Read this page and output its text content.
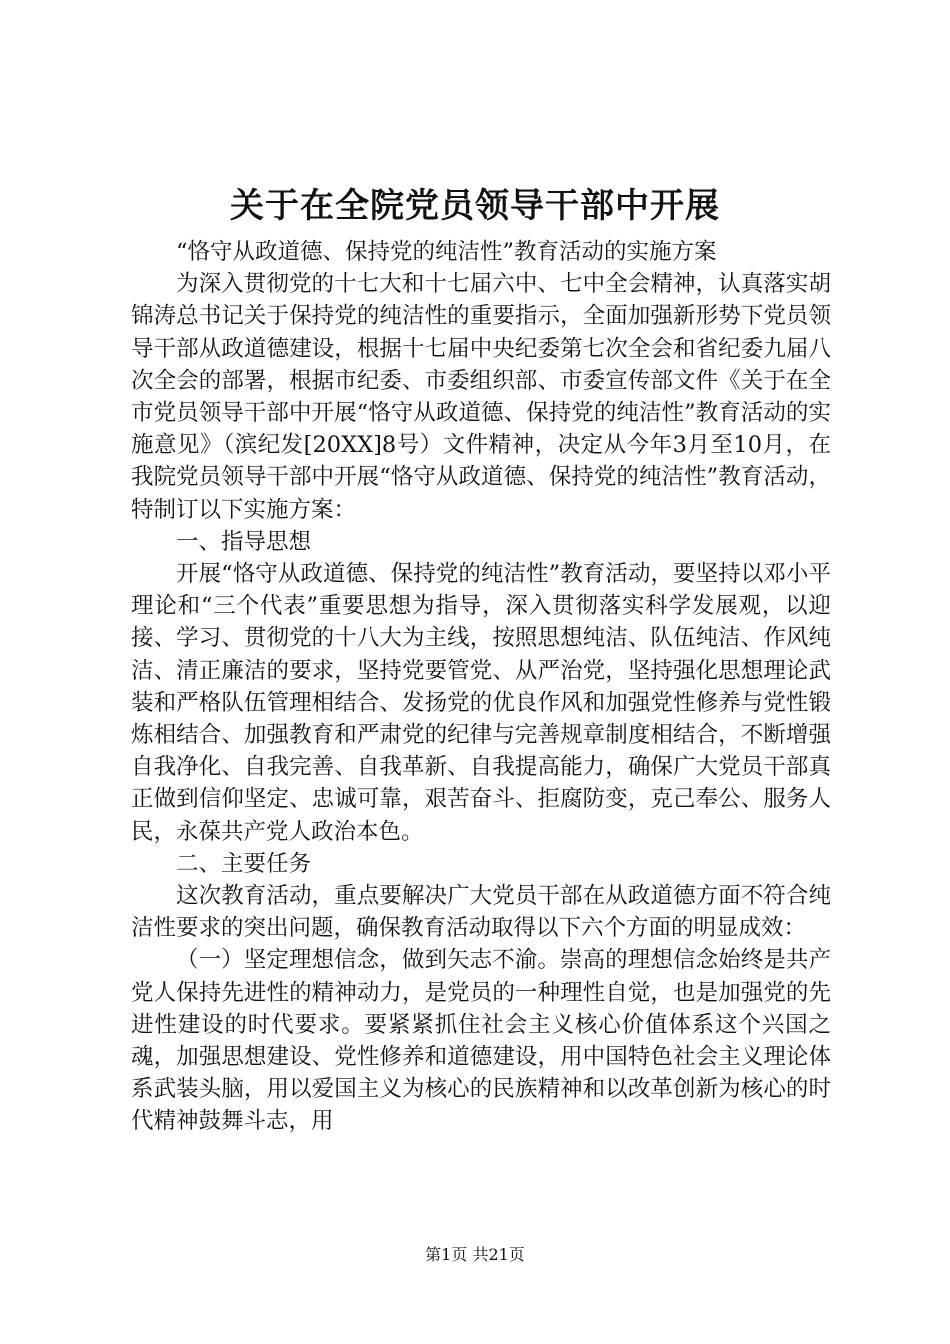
关于在全院党员领导干部中开展

“恪守从政道德、保持党的纯洁性”教育活动的实施方案

为深入贯彻党的十七大和十七届六中、七中全会精神，认真落实胡锦涛总书记关于保持党的纯洁性的重要指示，全面加强新形势下党员领导干部从政道德建设，根据十七届中央纪委第七次全会和省纪委九届八次全会的部署，根据市纪委、市委组织部、市委宣传部文件《关于在全市党员领导干部中开展“恪守从政道德、保持党的纯洁性”教育活动的实施意见》（滨纪发[20XX]8号）文件精神，决定从今年3月至10月，在我院党员领导干部中开展“恪守从政道德、保持党的纯洁性”教育活动，特制订以下实施方案：

一、指导思想

开展“恪守从政道德、保持党的纯洁性”教育活动，要坚持以邓小平理论和“三个代表”重要思想为指导，深入贯彻落实科学发展观，以迎接、学习、贯彻党的十八大为主线，按照思想纯洁、队伍纯洁、作风纯洁、清正廉洁的要求，坚持党要管党、从严治党，坚持强化思想理论武装和严格队伍管理相结合、发扬党的优良作风和加强党性修养与党性锻炼相结合、加强教育和严肃党的纪律与完善规章制度相结合，不断增强自我净化、自我完善、自我革新、自我提高能力，确保广大党员干部真正做到信仰坚定、忠诚可靠，艰苦奋斗、拒腐防变，克己奉公、服务人民，永葆共产党人政治本色。

二、主要任务

这次教育活动，重点要解决广大党员干部在从政道德方面不符合纯洁性要求的突出问题，确保教育活动取得以下六个方面的明显成效：

（一）坚定理想信念，做到矢志不渝。崇高的理想信念始终是共产党人保持先进性的精神动力，是党员的一种理性自觉，也是加强党的先进性建设的时代要求。要紧紧抓住社会主义核心价值体系这个兴国之魂，加强思想建设、党性修养和道德建设，用中国特色社会主义理论体系武装头脑，用以爱国主义为核心的民族精神和以改革创新为核心的时代精神鼓舞斗志，用

第1页 共21页
